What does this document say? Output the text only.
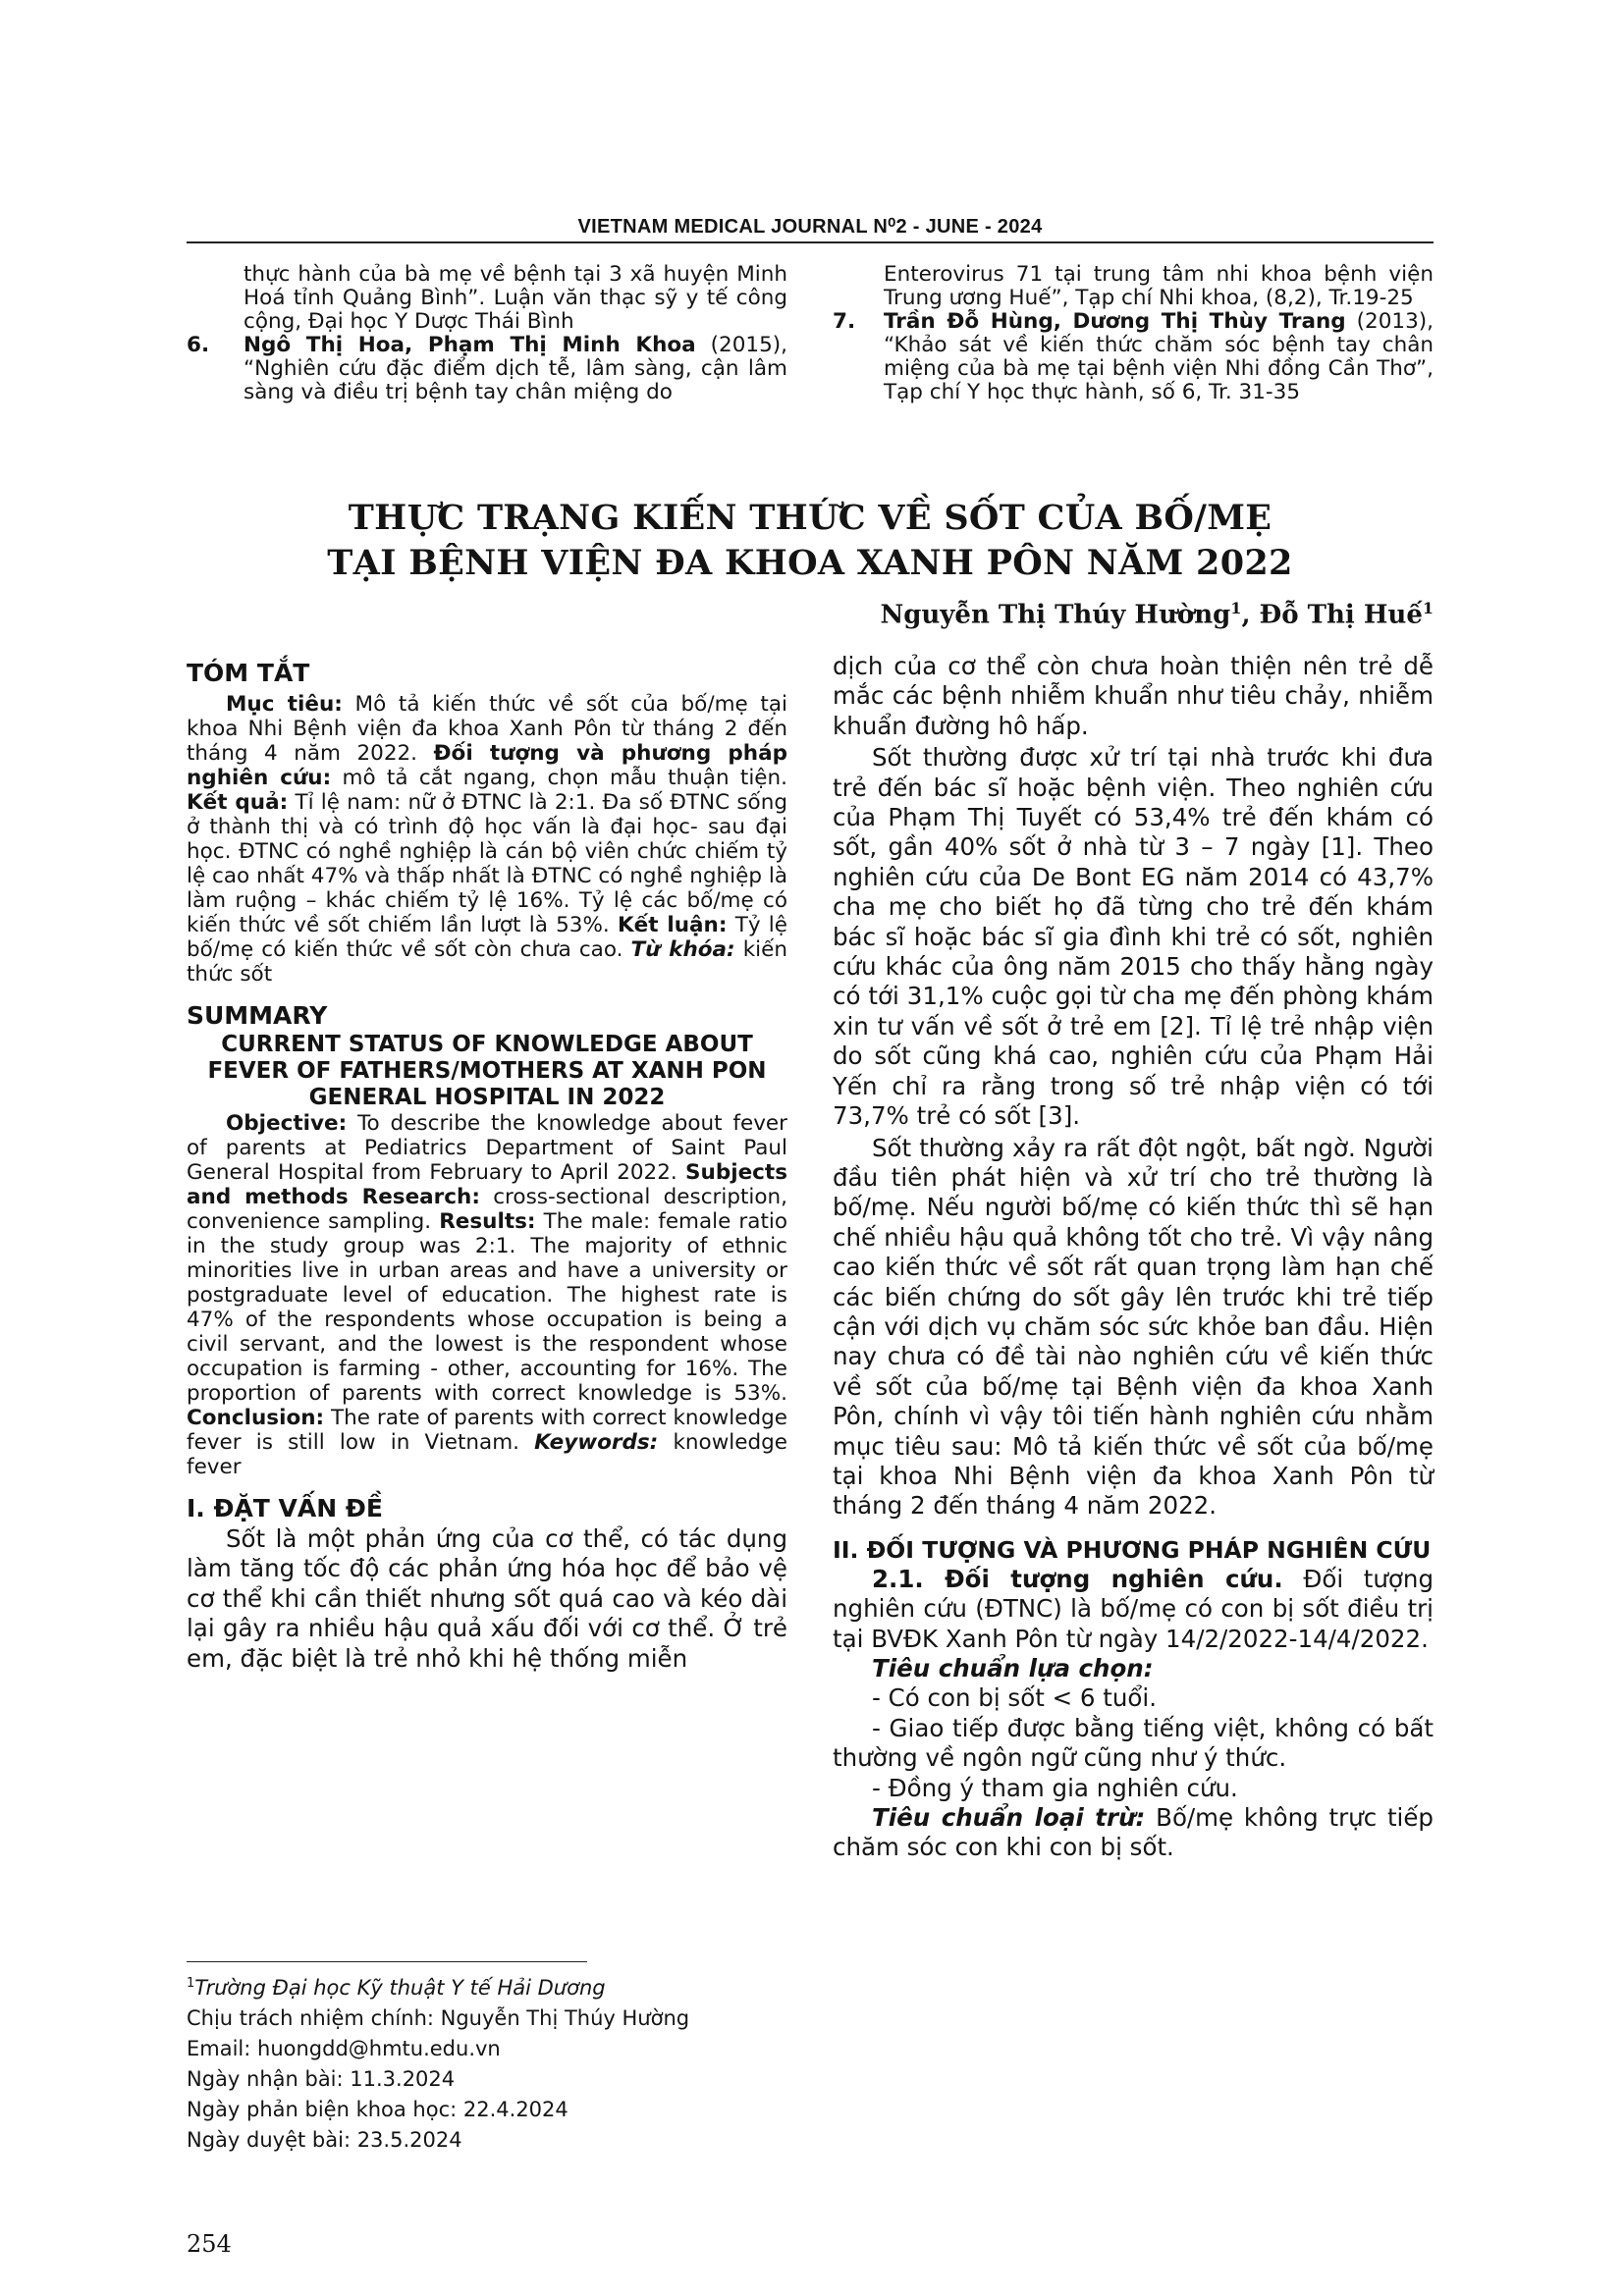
VIETNAM MEDICAL JOURNAL N⁰2 - JUNE - 2024

thực hành của bà mẹ về bệnh tại 3 xã huyện Minh Hoá tỉnh Quảng Bình”. Luận văn thạc sỹ y tế công cộng, Đại học Y Dược Thái Bình

6. Ngô Thị Hoa, Phạm Thị Minh Khoa (2015), “Nghiên cứu đặc điểm dịch tễ, lâm sàng, cận lâm sàng và điều trị bệnh tay chân miệng do

Enterovirus 71 tại trung tâm nhi khoa bệnh viện Trung ương Huế”, Tạp chí Nhi khoa, (8,2), Tr.19-25

7. Trần Đỗ Hùng, Dương Thị Thùy Trang (2013), “Khảo sát về kiến thức chăm sóc bệnh tay chân miệng của bà mẹ tại bệnh viện Nhi đồng Cần Thơ”, Tạp chí Y học thực hành, số 6, Tr. 31-35
THỰC TRẠNG KIẾN THỨC VỀ SỐT CỦA BỐ/MẸ
TẠI BỆNH VIỆN ĐA KHOA XANH PÔN NĂM 2022
Nguyễn Thị Thúy Hường$^1$, Đỗ Thị Huế$^1$
TÓM TẮT

Mục tiêu: Mô tả kiến thức về sốt của bố/mẹ tại khoa Nhi Bệnh viện đa khoa Xanh Pôn từ tháng 2 đến tháng 4 năm 2022. Đối tượng và phương pháp nghiên cứu: mô tả cắt ngang, chọn mẫu thuận tiện. Kết quả: Tỉ lệ nam: nữ ở ĐTNC là 2:1. Đa số ĐTNC sống ở thành thị và có trình độ học vấn là đại học- sau đại học. ĐTNC có nghề nghiệp là cán bộ viên chức chiếm tỷ lệ cao nhất 47% và thấp nhất là ĐTNC có nghề nghiệp là làm ruộng – khác chiếm tỷ lệ 16%. Tỷ lệ các bố/mẹ có kiến thức về sốt chiếm lần lượt là 53%. Kết luận: Tỷ lệ bố/mẹ có kiến thức về sốt còn chưa cao. Từ khóa: kiến thức sốt

SUMMARY

CURRENT STATUS OF KNOWLEDGE ABOUT FEVER OF FATHERS/MOTHERS AT XANH PON GENERAL HOSPITAL IN 2022

Objective: To describe the knowledge about fever of parents at Pediatrics Department of Saint Paul General Hospital from February to April 2022. Subjects and methods Research: cross-sectional description, convenience sampling. Results: The male: female ratio in the study group was 2:1. The majority of ethnic minorities live in urban areas and have a university or postgraduate level of education. The highest rate is 47% of the respondents whose occupation is being a civil servant, and the lowest is the respondent whose occupation is farming - other, accounting for 16%. The proportion of parents with correct knowledge is 53%. Conclusion: The rate of parents with correct knowledge fever is still low in Vietnam. Keywords: knowledge fever

I. ĐẶT VẤN ĐỀ

Sốt là một phản ứng của cơ thể, có tác dụng làm tăng tốc độ các phản ứng hóa học để bảo vệ cơ thể khi cần thiết nhưng sốt quá cao và kéo dài lại gây ra nhiều hậu quả xấu đối với cơ thể. Ở trẻ em, đặc biệt là trẻ nhỏ khi hệ thống miễn

$^1$Trường Đại học Kỹ thuật Y tế Hải Dương
Chịu trách nhiệm chính: Nguyễn Thị Thúy Hường
Email: huongdd@hmtu.edu.vn
Ngày nhận bài: 11.3.2024
Ngày phản biện khoa học: 22.4.2024
Ngày duyệt bài: 23.5.2024
254

dịch của cơ thể còn chưa hoàn thiện nên trẻ dễ mắc các bệnh nhiễm khuẩn như tiêu chảy, nhiễm khuẩn đường hô hấp.

Sốt thường được xử trí tại nhà trước khi đưa trẻ đến bác sĩ hoặc bệnh viện. Theo nghiên cứu của Phạm Thị Tuyết có 53,4% trẻ đến khám có sốt, gần 40% sốt ở nhà từ 3 – 7 ngày [1]. Theo nghiên cứu của De Bont EG năm 2014 có 43,7% cha mẹ cho biết họ đã từng cho trẻ đến khám bác sĩ hoặc bác sĩ gia đình khi trẻ có sốt, nghiên cứu khác của ông năm 2015 cho thấy hằng ngày có tới 31,1% cuộc gọi từ cha mẹ đến phòng khám xin tư vấn về sốt ở trẻ em [2]. Tỉ lệ trẻ nhập viện do sốt cũng khá cao, nghiên cứu của Phạm Hải Yến chỉ ra rằng trong số trẻ nhập viện có tới 73,7% trẻ có sốt [3].

Sốt thường xảy ra rất đột ngột, bất ngờ. Người đầu tiên phát hiện và xử trí cho trẻ thường là bố/mẹ. Nếu người bố/mẹ có kiến thức thì sẽ hạn chế nhiều hậu quả không tốt cho trẻ. Vì vậy nâng cao kiến thức về sốt rất quan trọng làm hạn chế các biến chứng do sốt gây lên trước khi trẻ tiếp cận với dịch vụ chăm sóc sức khỏe ban đầu. Hiện nay chưa có đề tài nào nghiên cứu về kiến thức về sốt của bố/mẹ tại Bệnh viện đa khoa Xanh Pôn, chính vì vậy tôi tiến hành nghiên cứu nhằm mục tiêu sau: Mô tả kiến thức về sốt của bố/mẹ tại khoa Nhi Bệnh viện đa khoa Xanh Pôn từ tháng 2 đến tháng 4 năm 2022.

II. ĐỐI TƯỢNG VÀ PHƯƠNG PHÁP NGHIÊN CỨU

2.1. Đối tượng nghiên cứu. Đối tượng nghiên cứu (ĐTNC) là bố/mẹ có con bị sốt điều trị tại BVĐK Xanh Pôn từ ngày 14/2/2022-14/4/2022.

Tiêu chuẩn lựa chọn:

- Có con bị sốt < 6 tuổi.

- Giao tiếp được bằng tiếng việt, không có bất thường về ngôn ngữ cũng như ý thức.

- Đồng ý tham gia nghiên cứu.

Tiêu chuẩn loại trừ: Bố/mẹ không trực tiếp chăm sóc con khi con bị sốt.
